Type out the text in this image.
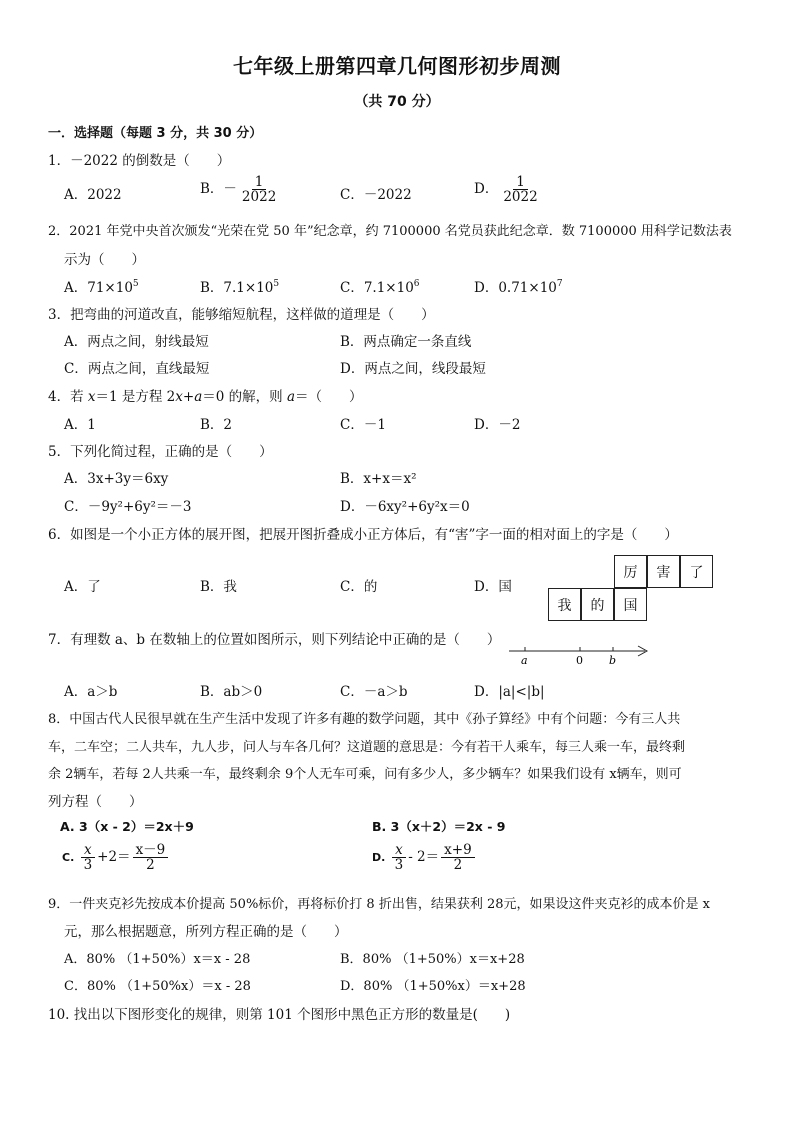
七年级上册第四章几何图形初步周测
（共 70 分）
一．选择题（每题 3 分，共 30 分）
1．－2022 的倒数是（　　）
A．2022	B．－ $\frac{1}{2022}$	C．－2022	D． $\frac{1}{2022}$
2．2021 年党中央首次颁发“光荣在党 50 年”纪念章，约 7100000 名党员获此纪念章．数 7100000 用科学记数法表
示为（　　）
A．$71\times 10^5$	B．$7.1\times 10^5$	C．$7.1\times 10^6$	D．$0.71\times 10^7$
3．把弯曲的河道改直，能够缩短航程，这样做的道理是（　　）
A．两点之间，射线最短	B．两点确定一条直线
C．两点之间，直线最短	D．两点之间，线段最短
4．若 x＝1 是方程 2x+a＝0 的解，则 a＝（　　）
A．1	B．2	C．－1	D．－2
5．下列化简过程，正确的是（　　）
A．3x+3y＝6xy	B．x+x＝x²
C．－9y²+6y²＝－3	D．－6xy²+6y²x＝0
6．如图是一个小正方体的展开图，把展开图折叠成小正方体后，有“害”字一面的相对面上的字是（　　）
A．了	B．我	C．的	D．国
厉	害	了
我	的	国
7．有理数 a、b 在数轴上的位置如图所示，则下列结论中正确的是（　　）
a	0 b
A．a＞b	B．ab＞0	C．－a＞b	D．|a|<|b|
8．中国古代人民很早就在生产生活中发现了许多有趣的数学问题，其中《孙子算经》中有个问题：今有三人共
车，二车空；二人共车，九人步，问人与车各几何？这道题的意思是：今有若干人乘车，每三人乘一车，最终剩
余 2辆车，若每 2人共乘一车，最终剩余 9个人无车可乘，问有多少人，多少辆车？如果我们设有 x辆车，则可
列方程（　　）
A. 3（x - 2）＝2x＋9	B. 3（x＋2）＝2x - 9
C. $\frac{x}{3} +2= \frac{x-9}{2}$	D. $\frac{x}{3} - 2= \frac{x+9}{2}$
9．一件夹克衫先按成本价提高 50%标价，再将标价打 8 折出售，结果获利 28元，如果设这件夹克衫的成本价是 x
元，那么根据题意，所列方程正确的是（　　）
A．80% （1+50%）x＝x - 28	B．80% （1+50%）x＝x+28
C．80% （1+50%x）＝x - 28	D．80% （1+50%x）＝x+28
10. 找出以下图形变化的规律，则第 101 个图形中黑色正方形的数量是(　　)
